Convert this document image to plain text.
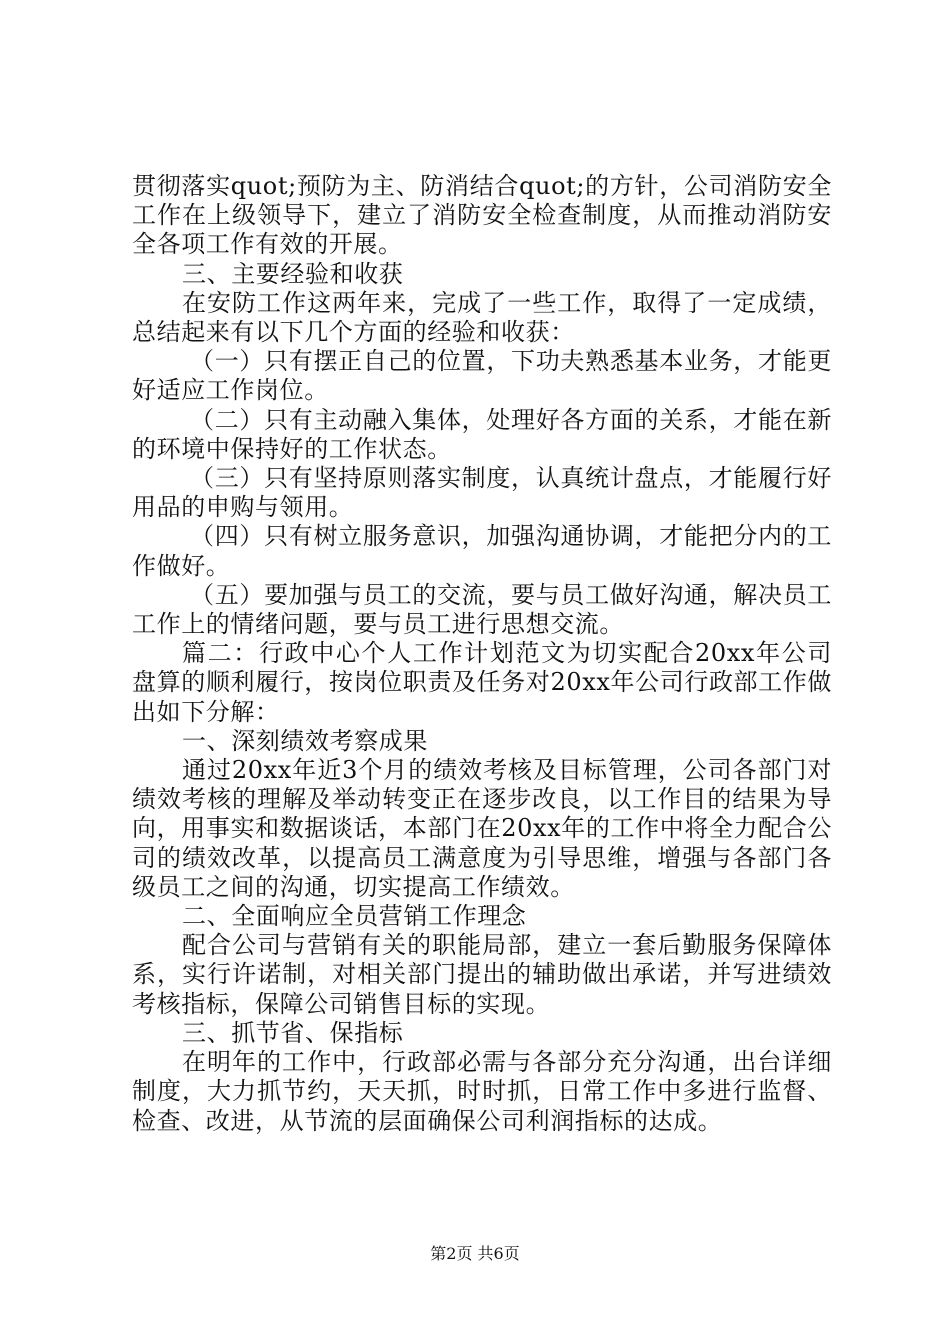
贯彻落实quot;预防为主、防消结合quot;的方针，公司消防安全工作在上级领导下，建立了消防安全检查制度，从而推动消防安全各项工作有效的开展。

三、主要经验和收获

在安防工作这两年来，完成了一些工作，取得了一定成绩，总结起来有以下几个方面的经验和收获：

（一）只有摆正自己的位置，下功夫熟悉基本业务，才能更好适应工作岗位。

（二）只有主动融入集体，处理好各方面的关系，才能在新的环境中保持好的工作状态。

（三）只有坚持原则落实制度，认真统计盘点，才能履行好用品的申购与领用。

（四）只有树立服务意识，加强沟通协调，才能把分内的工作做好。

（五）要加强与员工的交流，要与员工做好沟通，解决员工工作上的情绪问题，要与员工进行思想交流。

篇二：行政中心个人工作计划范文为切实配合20xx年公司盘算的顺利履行，按岗位职责及任务对20xx年公司行政部工作做出如下分解：

一、深刻绩效考察成果

通过20xx年近3个月的绩效考核及目标管理，公司各部门对绩效考核的理解及举动转变正在逐步改良，以工作目的结果为导向，用事实和数据谈话，本部门在20xx年的工作中将全力配合公司的绩效改革，以提高员工满意度为引导思维，增强与各部门各级员工之间的沟通，切实提高工作绩效。

二、全面响应全员营销工作理念

配合公司与营销有关的职能局部，建立一套后勤服务保障体系，实行许诺制，对相关部门提出的辅助做出承诺，并写进绩效考核指标，保障公司销售目标的实现。

三、抓节省、保指标

在明年的工作中，行政部必需与各部分充分沟通，出台详细制度，大力抓节约，天天抓，时时抓，日常工作中多进行监督、检查、改进，从节流的层面确保公司利润指标的达成。

第2页 共6页
